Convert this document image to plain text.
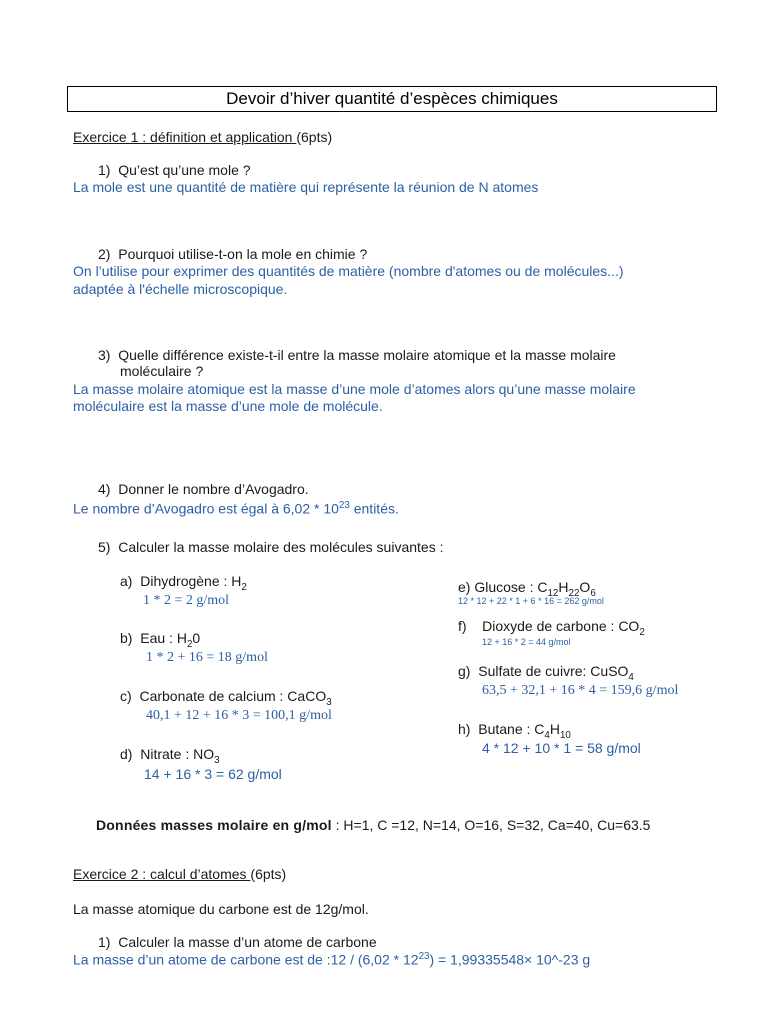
Devoir d’hiver quantité d’espèces chimiques
Exercice 1 : définition et application (6pts)
1) Qu’est qu’une mole ?
La mole est une quantité de matière qui représente la réunion de N atomes
2) Pourquoi utilise-t-on la mole en chimie ?
On l’utilise pour exprimer des quantités de matière (nombre d'atomes ou de molécules...)
adaptée à l'échelle microscopique.
3) Quelle différence existe-t-il entre la masse molaire atomique et la masse molaire
moléculaire ?
La masse molaire atomique est la masse d’une mole d’atomes alors qu’une masse molaire
moléculaire est la masse d’une mole de molécule.
4) Donner le nombre d’Avogadro.
Le nombre d’Avogadro est égal à $6,02 * 10^{23}$ entités.
5) Calculer la masse molaire des molécules suivantes :
a) Dihydrogène : $H_2$
1 * 2 = 2 g/mol
b) Eau : $H_20$
1 * 2 + 16 = 18 g/mol
c) Carbonate de calcium : CaCO$_3$
40,1 + 12 + 16 * 3 = 100,1 g/mol
d) Nitrate : $NO_3$
14 + 16 * 3 = 62 g/mol
e) Glucose : $C_{12}H_{22}O_6$
12 * 12 + 22 * 1 + 6 * 16 = 262 g/mol
f) Dioxyde de carbone : $CO_2$
12 + 16 * 2 = 44 g/mol
g) Sulfate de cuivre: CuSO$_4$
63,5 + 32,1 + 16 * 4 = 159,6 g/mol
h) Butane : $C_4H_{10}$
4 * 12 + 10 * 1 = 58 g/mol
Données masses molaire en g/mol : H=1, C =12, N=14, O=16, S=32, Ca=40, Cu=63.5
Exercice 2 : calcul d’atomes (6pts)
La masse atomique du carbone est de 12g/mol.
1) Calculer la masse d’un atome de carbone
La masse d’un atome de carbone est de :12 / $(6,02 * 12^{23}) = 1,99335548\times$ 10^-23 g
